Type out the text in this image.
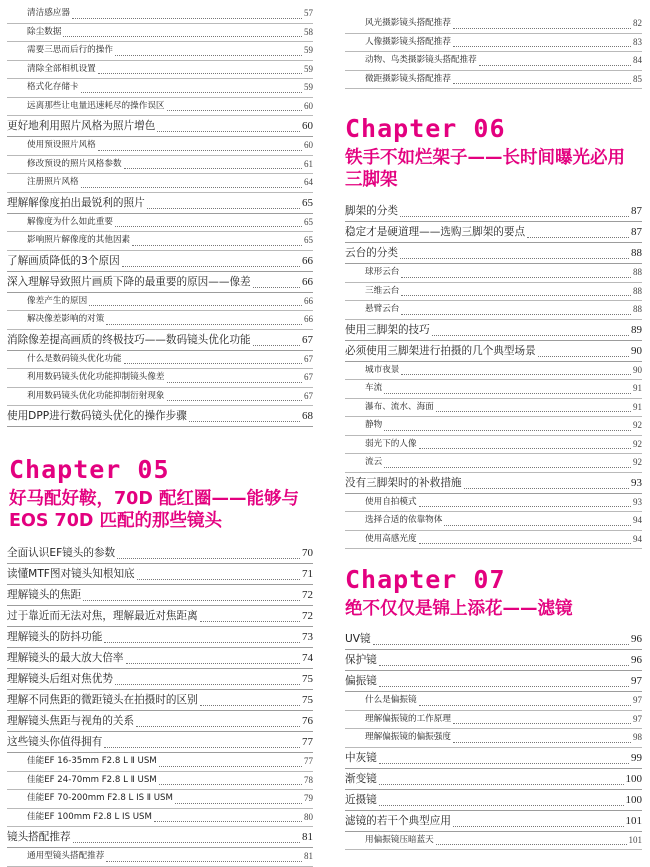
清洁感应器	57
除尘数据	58
需要三思而后行的操作	59
清除全部相机设置	59
格式化存储卡	59
远离那些让电量迅速耗尽的操作误区	60
更好地利用照片风格为照片增色	60
使用预设照片风格	60
修改预设的照片风格参数	61
注册照片风格	64
理解解像度拍出最锐利的照片	65
解像度为什么如此重要	65
影响照片解像度的其他因素	65
了解画质降低的3个原因	66
深入理解导致照片画质下降的最重要的原因——像差	66
像差产生的原因	66
解决像差影响的对策	66
消除像差提高画质的终极技巧——数码镜头优化功能	67
什么是数码镜头优化功能	67
利用数码镜头优化功能抑制镜头像差	67
利用数码镜头优化功能抑制衍射现象	67
使用DPP进行数码镜头优化的操作步骤	68
Chapter 05
好马配好鞍，70D 配红圈——能够与
EOS 70D 匹配的那些镜头
全面认识EF镜头的参数	70
读懂MTF图对镜头知根知底	71
理解镜头的焦距	72
过于靠近而无法对焦，理解最近对焦距离	72
理解镜头的防抖功能	73
理解镜头的最大放大倍率	74
理解镜头后组对焦优势	75
理解不同焦距的微距镜头在拍摄时的区别	75
理解镜头焦距与视角的关系	76
这些镜头你值得拥有	77
佳能EF 16-35mm F2.8 L Ⅱ USM	77
佳能EF 24-70mm F2.8 L Ⅱ USM	78
佳能EF 70-200mm F2.8 L IS Ⅱ USM	79
佳能EF 100mm F2.8 L IS USM	80
镜头搭配推荐	81
通用型镜头搭配推荐	81
风光摄影镜头搭配推荐	82
人像摄影镜头搭配推荐	83
动物、鸟类摄影镜头搭配推荐	84
微距摄影镜头搭配推荐	85
Chapter 06
铁手不如烂架子——长时间曝光必用
三脚架
脚架的分类	87
稳定才是硬道理——选购三脚架的要点	87
云台的分类	88
球形云台	88
三维云台	88
悬臂云台	88
使用三脚架的技巧	89
必须使用三脚架进行拍摄的几个典型场景	90
城市夜景	90
车流	91
瀑布、流水、海面	91
静物	92
弱光下的人像	92
流云	92
没有三脚架时的补救措施	93
使用自拍模式	93
选择合适的依靠物体	94
使用高感光度	94
Chapter 07
绝不仅仅是锦上添花——滤镜
UV镜	96
保护镜	96
偏振镜	97
什么是偏振镜	97
理解偏振镜的工作原理	97
理解偏振镜的偏振强度	98
中灰镜	99
渐变镜	100
近摄镜	100
滤镜的若干个典型应用	101
用偏振镜压暗蓝天	101
